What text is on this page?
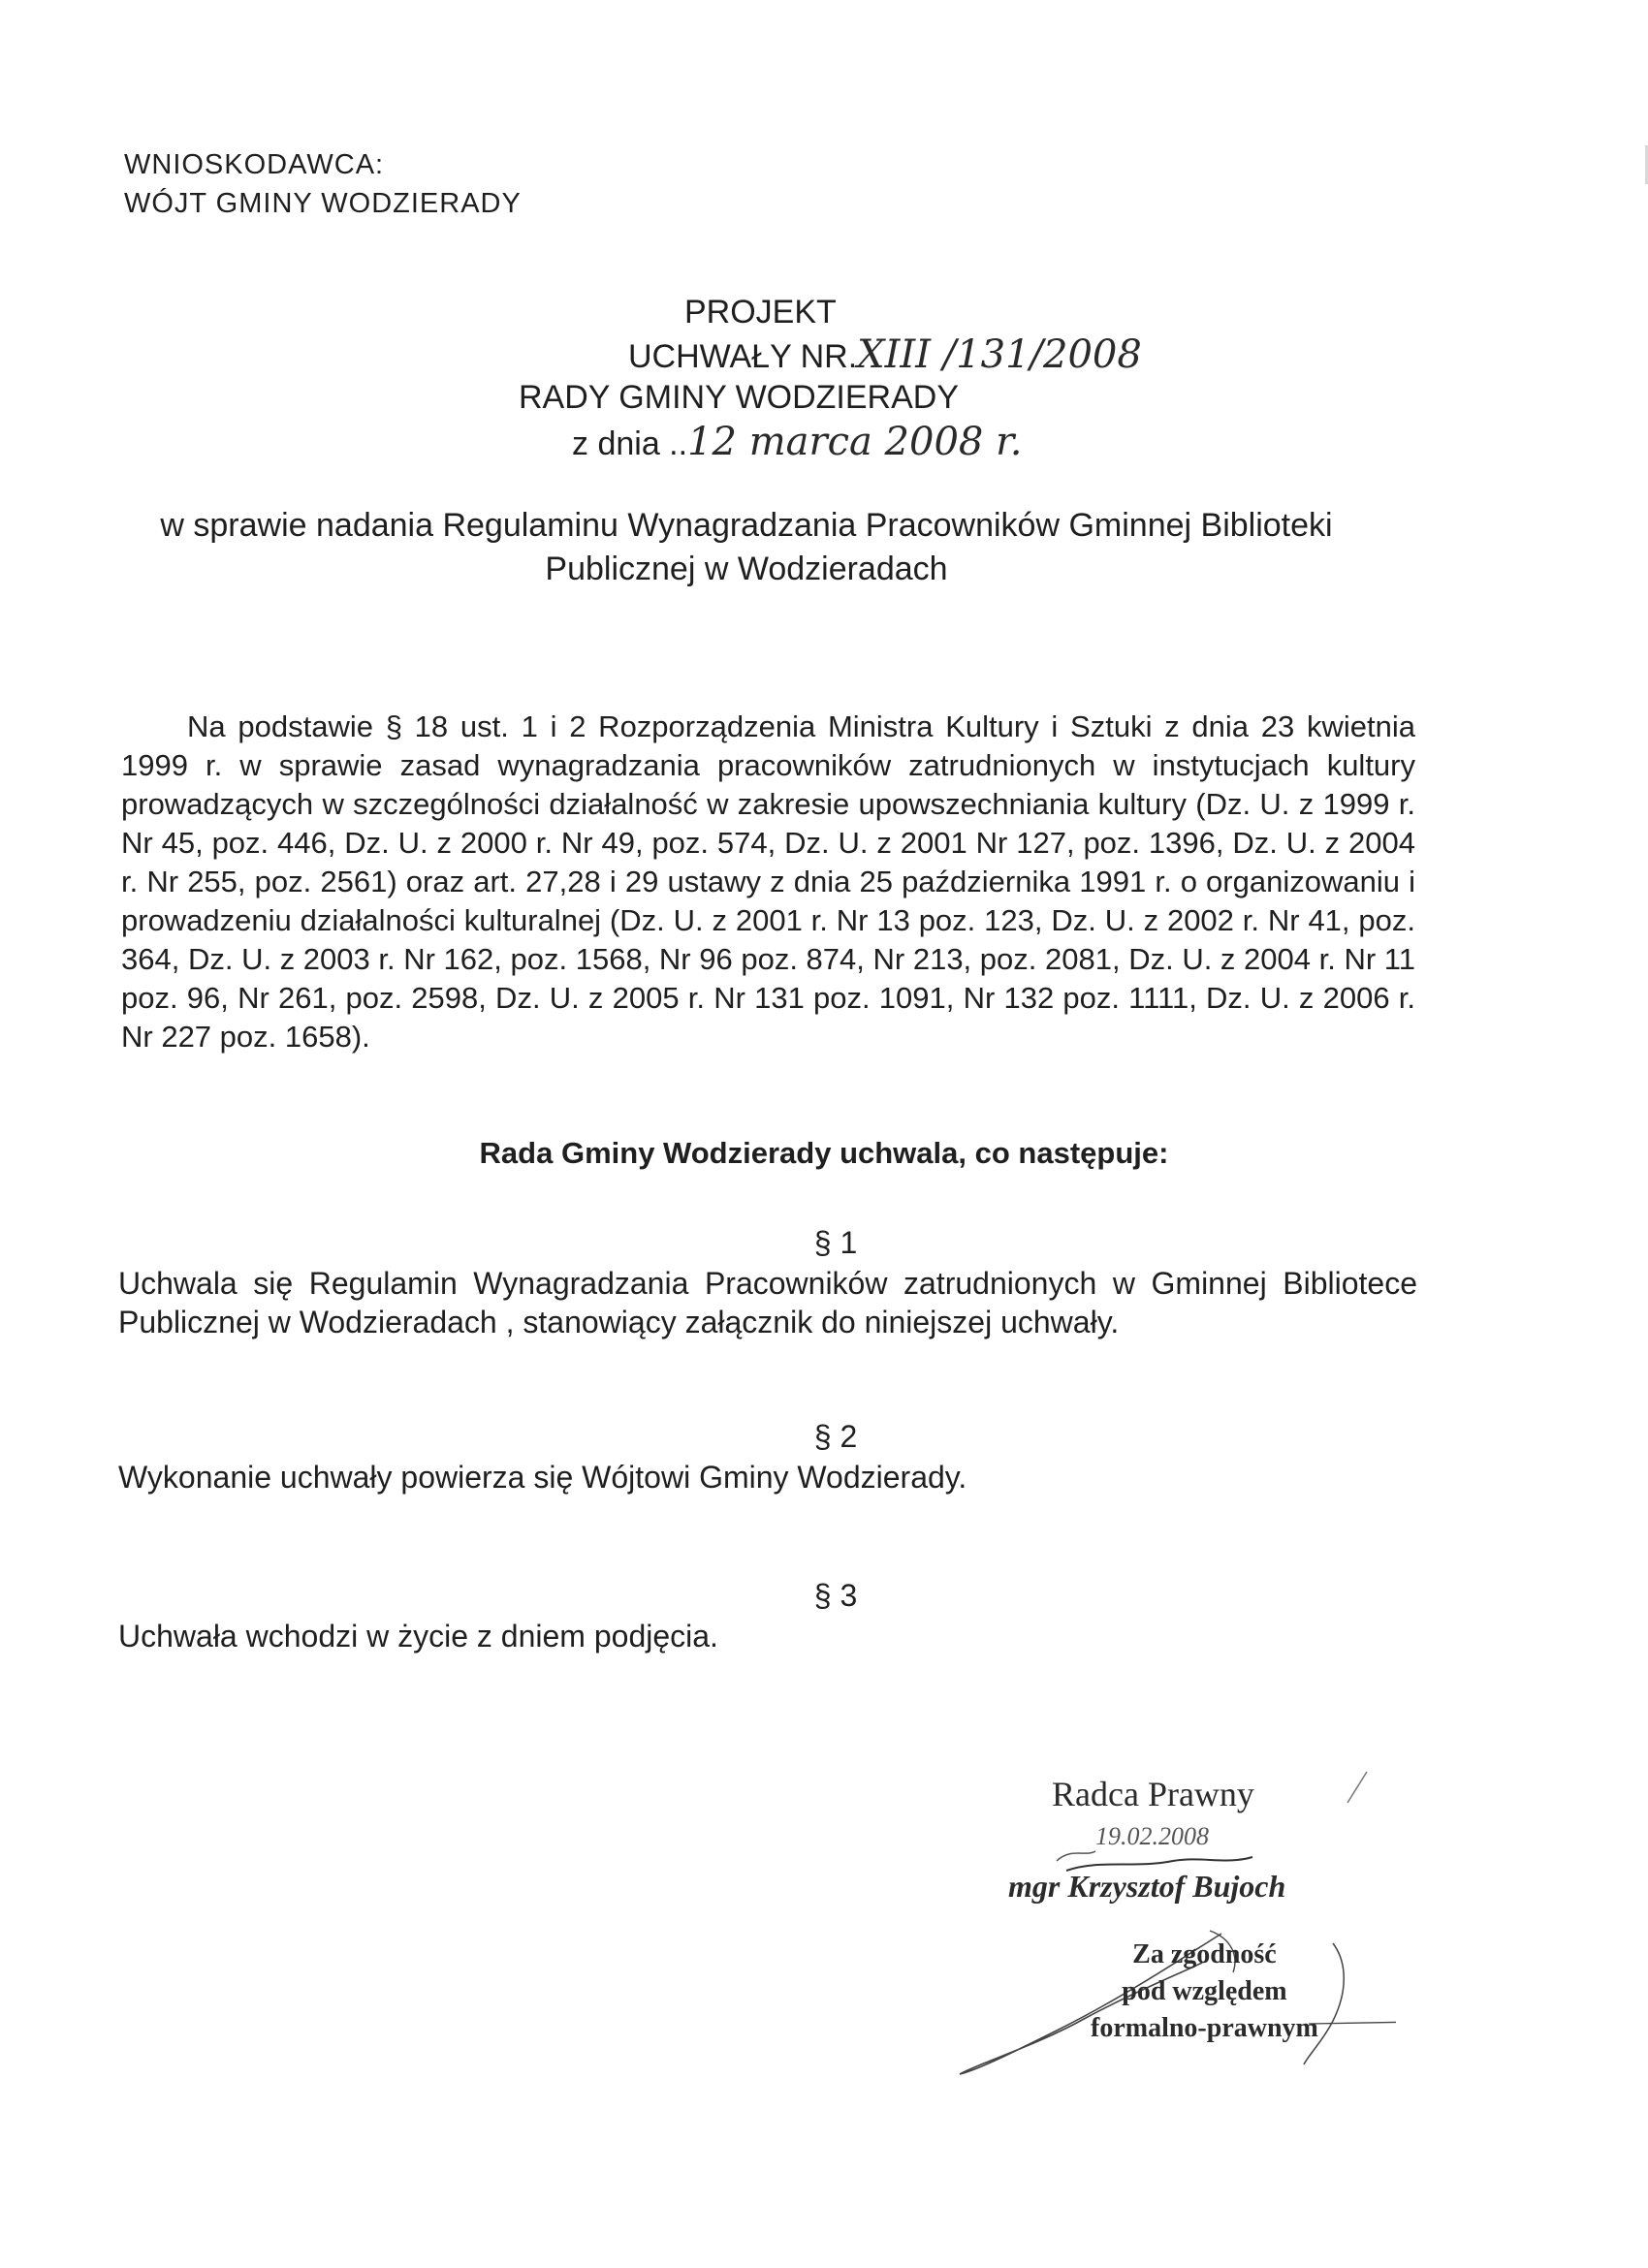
WNIOSKODAWCA:
WÓJT GMINY WODZIERADY
PROJEKT
UCHWAŁY NR.XIII /131/2008
RADY GMINY WODZIERADY
z dnia ..12 marca 2008 r.
w sprawie nadania Regulaminu Wynagradzania Pracowników Gminnej Biblioteki Publicznej w Wodzieradach

Na podstawie § 18 ust. 1 i 2 Rozporządzenia Ministra Kultury i Sztuki z dnia 23 kwietnia 1999 r. w sprawie zasad wynagradzania pracowników zatrudnionych w instytucjach kultury prowadzących w szczególności działalność w zakresie upowszechniania kultury (Dz. U. z 1999 r. Nr 45, poz. 446, Dz. U. z 2000 r. Nr 49, poz. 574, Dz. U. z 2001 Nr 127, poz. 1396, Dz. U. z 2004 r. Nr 255, poz. 2561) oraz art. 27,28 i 29 ustawy z dnia 25 października 1991 r. o organizowaniu i prowadzeniu działalności kulturalnej (Dz. U. z 2001 r. Nr 13 poz. 123, Dz. U. z 2002 r. Nr 41, poz. 364, Dz. U. z 2003 r. Nr 162, poz. 1568, Nr 96 poz. 874, Nr 213, poz. 2081, Dz. U. z 2004 r. Nr 11 poz. 96, Nr 261, poz. 2598, Dz. U. z 2005 r. Nr 131 poz. 1091, Nr 132 poz. 1111, Dz. U. z 2006 r. Nr 227 poz. 1658).

Rada Gminy Wodzierady uchwala, co następuje:
§ 1
Uchwala się Regulamin Wynagradzania Pracowników zatrudnionych w Gminnej Bibliotece Publicznej w Wodzieradach , stanowiący załącznik do niniejszej uchwały.
§ 2
Wykonanie uchwały powierza się Wójtowi Gminy Wodzierady.
§ 3
Uchwała wchodzi w życie z dniem podjęcia.
Radca Prawny
19.02.2008
mgr Krzysztof Bujoch
Za zgodność
pod względem
formalno-prawnym
